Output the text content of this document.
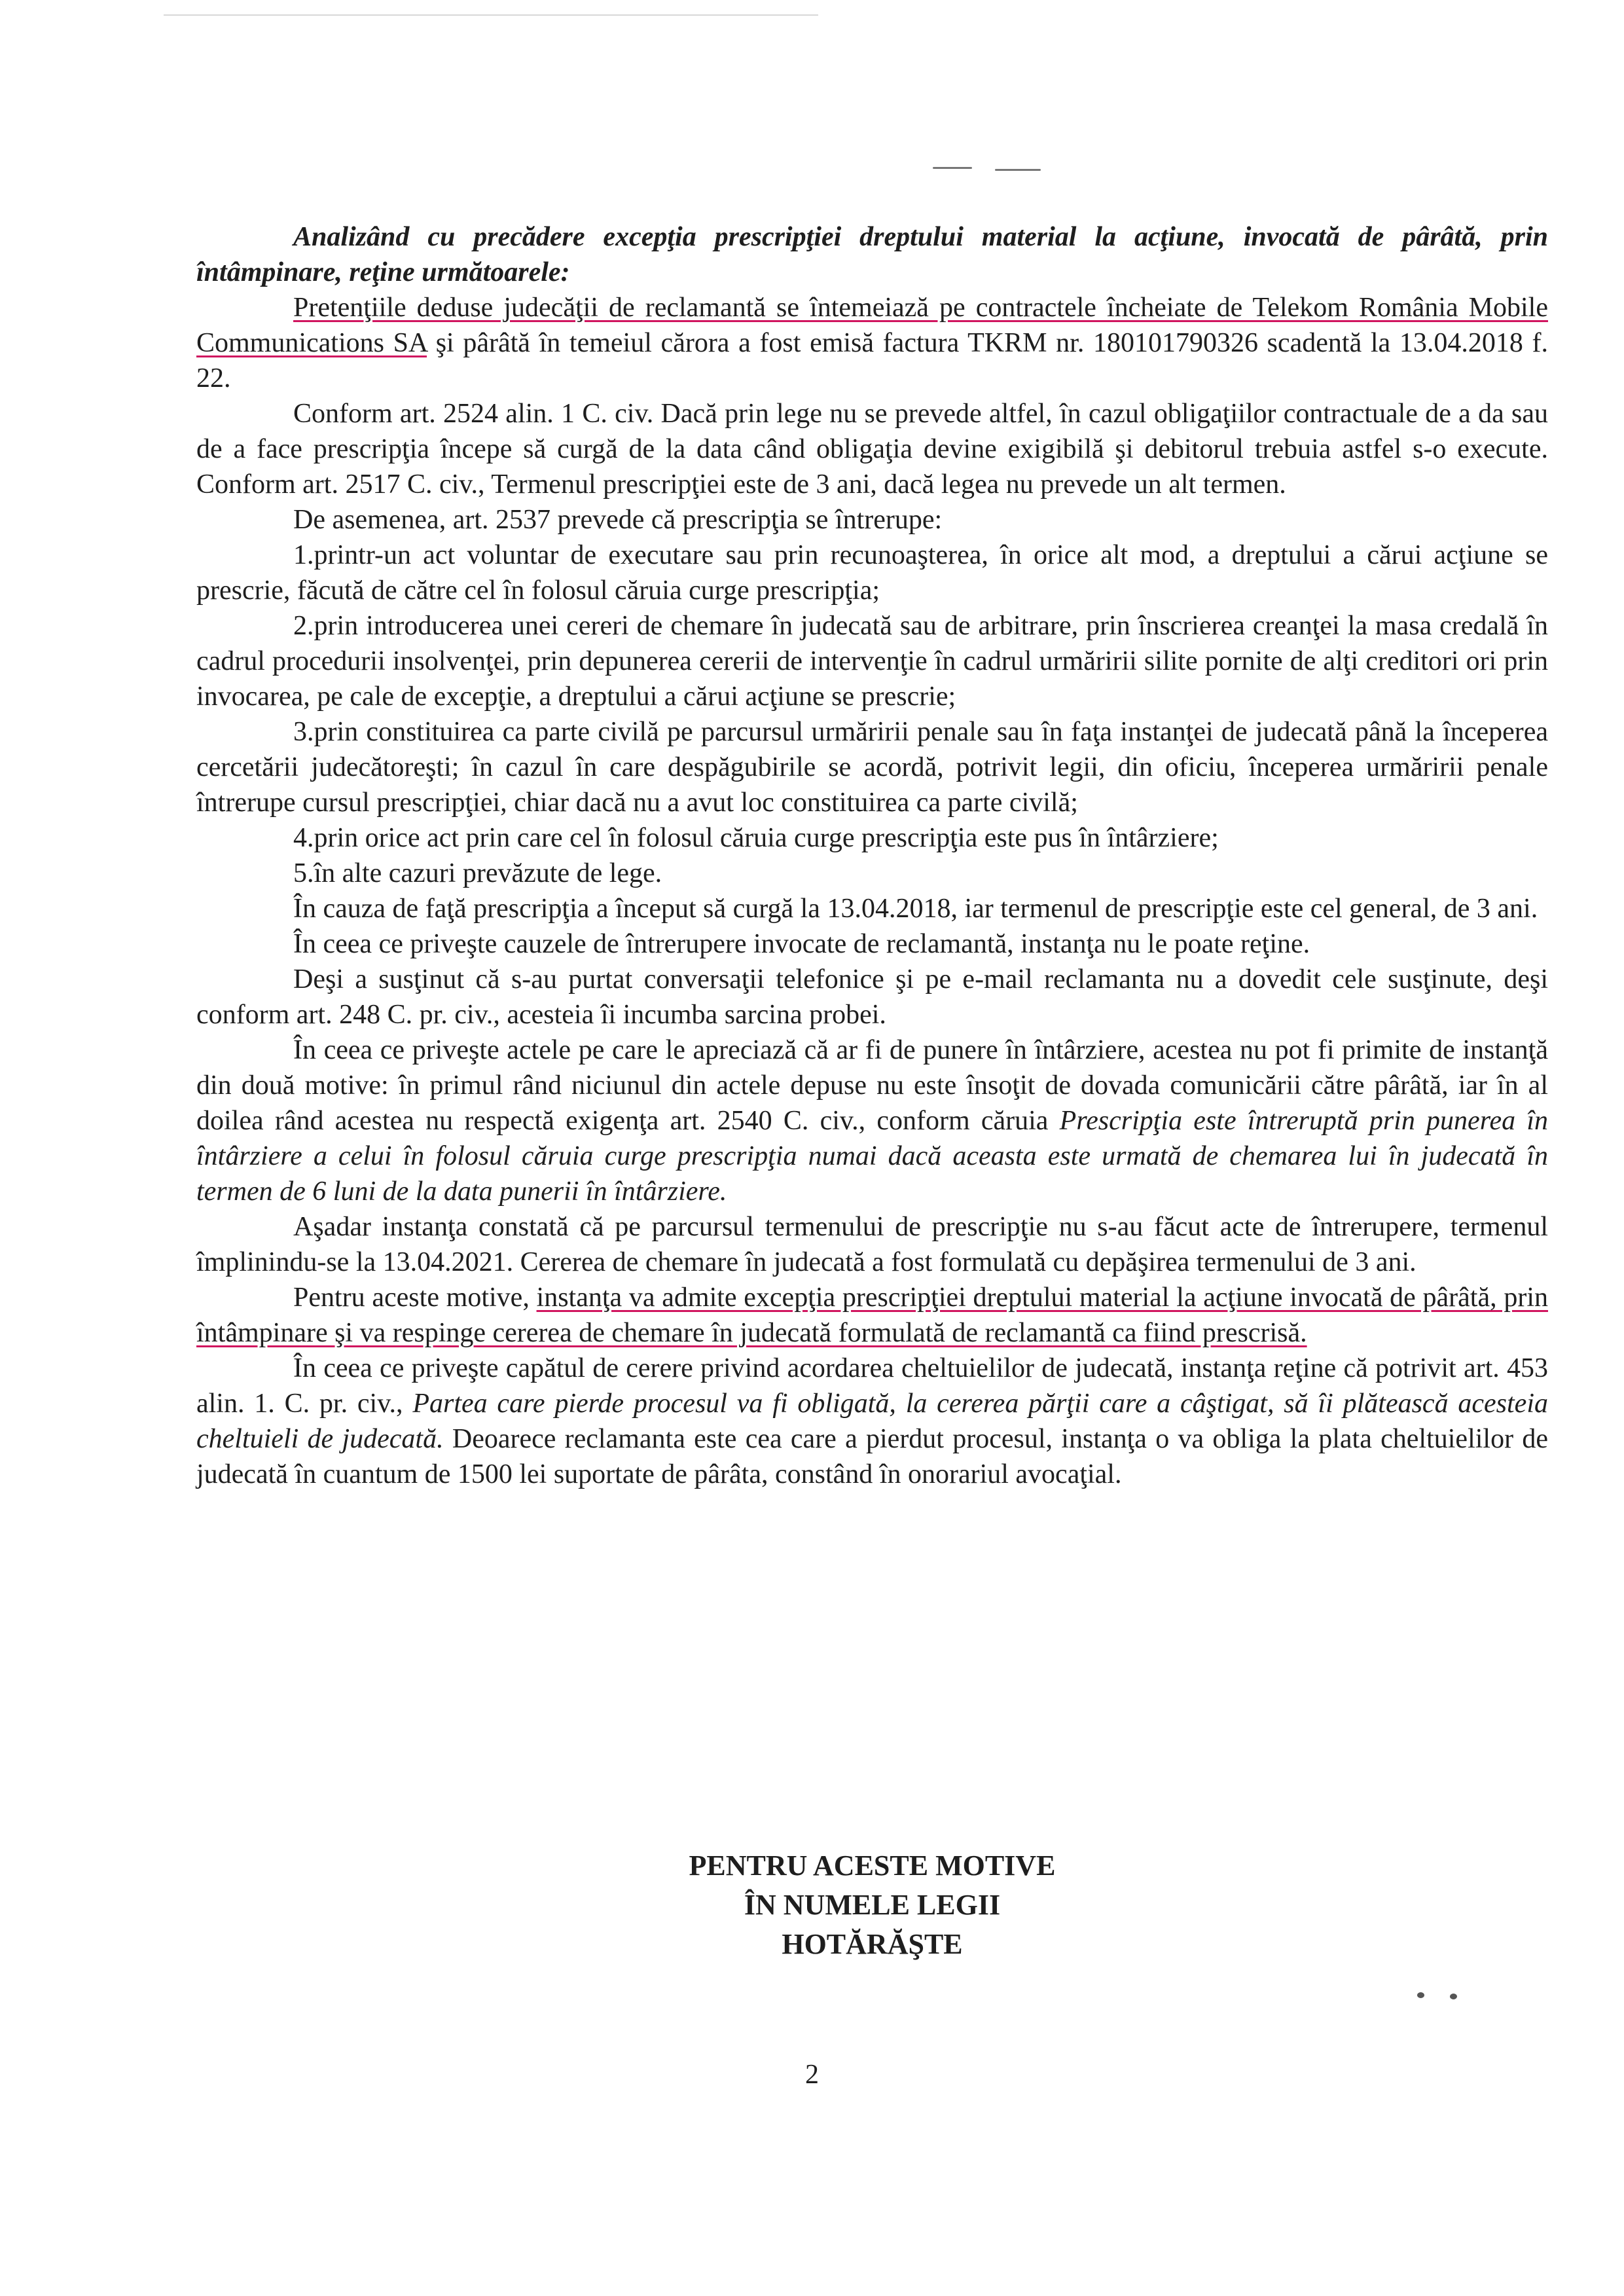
Analizând cu precădere excepţia prescripţiei dreptului material la acţiune, invocată de pârâtă, prin întâmpinare, reţine următoarele:

Pretenţiile deduse judecăţii de reclamantă se întemeiază pe contractele încheiate de Telekom România Mobile Communications SA şi pârâtă în temeiul cărora a fost emisă factura TKRM nr. 180101790326 scadentă la 13.04.2018 f. 22.

Conform art. 2524 alin. 1 C. civ. Dacă prin lege nu se prevede altfel, în cazul obligaţiilor contractuale de a da sau de a face prescripţia începe să curgă de la data când obligaţia devine exigibilă şi debitorul trebuia astfel s-o execute. Conform art. 2517 C. civ., Termenul prescripţiei este de 3 ani, dacă legea nu prevede un alt termen.

De asemenea, art. 2537 prevede că prescripţia se întrerupe:

1.printr-un act voluntar de executare sau prin recunoaşterea, în orice alt mod, a dreptului a cărui acţiune se prescrie, făcută de către cel în folosul căruia curge prescripţia;

2.prin introducerea unei cereri de chemare în judecată sau de arbitrare, prin înscrierea creanţei la masa credală în cadrul procedurii insolvenţei, prin depunerea cererii de intervenţie în cadrul urmăririi silite pornite de alţi creditori ori prin invocarea, pe cale de excepţie, a dreptului a cărui acţiune se prescrie;

3.prin constituirea ca parte civilă pe parcursul urmăririi penale sau în faţa instanţei de judecată până la începerea cercetării judecătoreşti; în cazul în care despăgubirile se acordă, potrivit legii, din oficiu, începerea urmăririi penale întrerupe cursul prescripţiei, chiar dacă nu a avut loc constituirea ca parte civilă;

4.prin orice act prin care cel în folosul căruia curge prescripţia este pus în întârziere;

5.în alte cazuri prevăzute de lege.

În cauza de faţă prescripţia a început să curgă la 13.04.2018, iar termenul de prescripţie este cel general, de 3 ani.

În ceea ce priveşte cauzele de întrerupere invocate de reclamantă, instanţa nu le poate reţine.

Deşi a susţinut că s-au purtat conversaţii telefonice şi pe e-mail reclamanta nu a dovedit cele susţinute, deşi conform art. 248 C. pr. civ., acesteia îi incumba sarcina probei.

În ceea ce priveşte actele pe care le apreciază că ar fi de punere în întârziere, acestea nu pot fi primite de instanţă din două motive: în primul rând niciunul din actele depuse nu este însoţit de dovada comunicării către pârâtă, iar în al doilea rând acestea nu respectă exigenţa art. 2540 C. civ., conform căruia Prescripţia este întreruptă prin punerea în întârziere a celui în folosul căruia curge prescripţia numai dacă aceasta este urmată de chemarea lui în judecată în termen de 6 luni de la data punerii în întârziere.

Aşadar instanţa constată că pe parcursul termenului de prescripţie nu s-au făcut acte de întrerupere, termenul împlinindu-se la 13.04.2021. Cererea de chemare în judecată a fost formulată cu depăşirea termenului de 3 ani.

Pentru aceste motive, instanţa va admite excepţia prescripţiei dreptului material la acţiune invocată de pârâtă, prin întâmpinare şi va respinge cererea de chemare în judecată formulată de reclamantă ca fiind prescrisă.

În ceea ce priveşte capătul de cerere privind acordarea cheltuielilor de judecată, instanţa reţine că potrivit art. 453 alin. 1. C. pr. civ., Partea care pierde procesul va fi obligată, la cererea părţii care a câştigat, să îi plătească acesteia cheltuieli de judecată. Deoarece reclamanta este cea care a pierdut procesul, instanţa o va obliga la plata cheltuielilor de judecată în cuantum de 1500 lei suportate de pârâta, constând în onorariul avocaţial.

PENTRU ACESTE MOTIVE
ÎN NUMELE LEGII
HOTĂRĂŞTE
2
